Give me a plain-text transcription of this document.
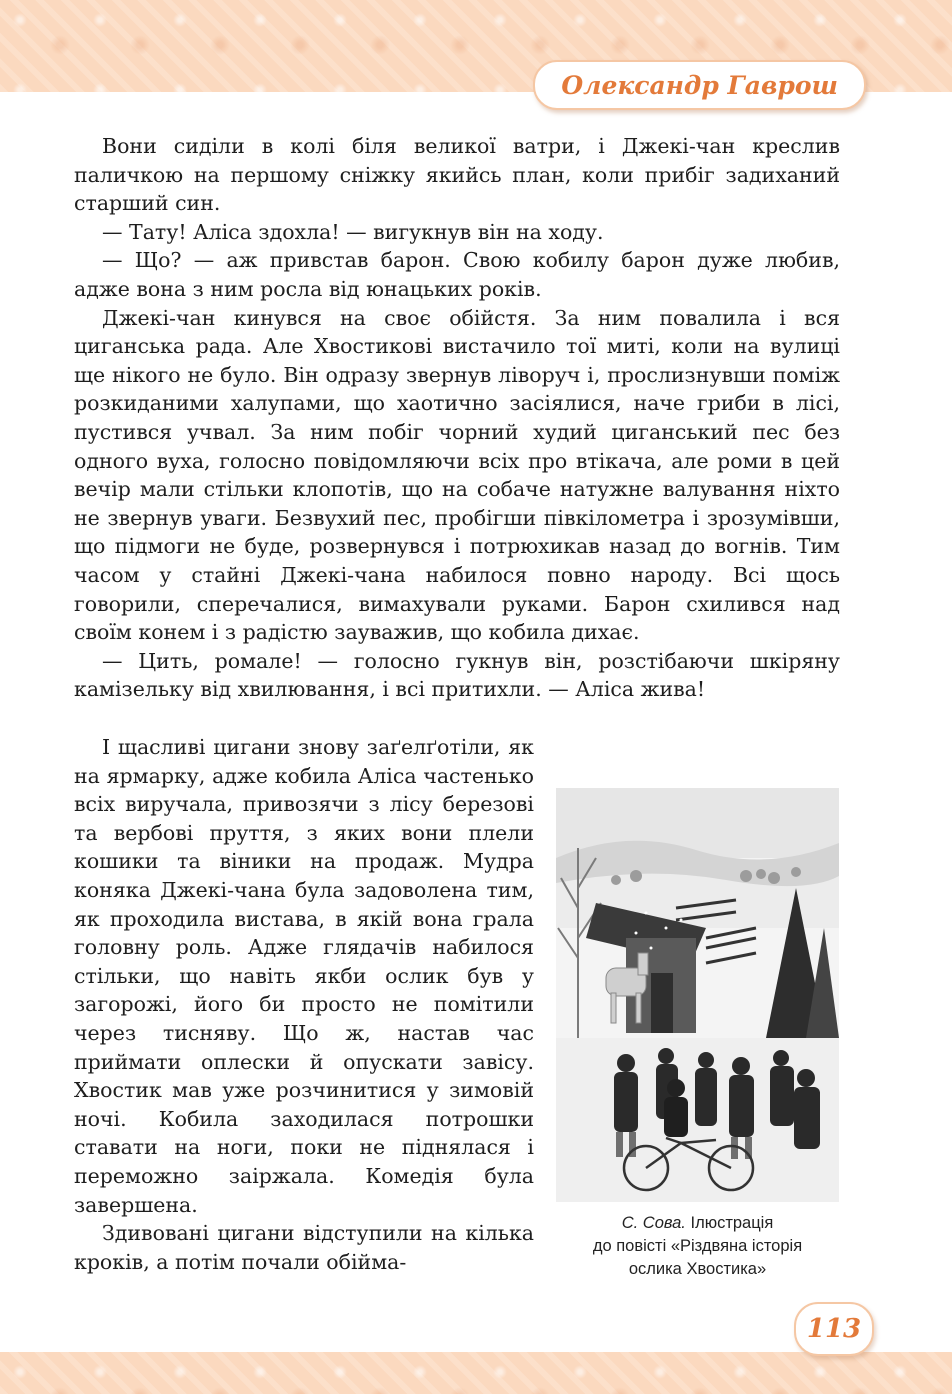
Олександр Гаврош

Вони сиділи в колі біля великої ватри, і Джекі-чан креслив паличкою на першому сніжку якийсь план, коли прибіг задиханий старший син.

— Тату! Аліса здохла! — вигукнув він на ходу.

— Що? — аж привстав барон. Свою кобилу барон дуже любив, адже вона з ним росла від юнацьких років.

Джекі-чан кинувся на своє обійстя. За ним повалила і вся циганська рада. Але Хвостикові вистачило тої миті, коли на вулиці ще нікого не було. Він одразу звернув ліворуч і, прослизнувши поміж розкиданими халупами, що хаотично засіялися, наче гриби в лісі, пустився учвал. За ним побіг чорний худий циганський пес без одного вуха, голосно повідомляючи всіх про втікача, але роми в цей вечір мали стільки клопотів, що на собаче натужне валування ніхто не звернув уваги. Безвухий пес, пробігши півкілометра і зрозумівши, що підмоги не буде, розвернувся і потрюхикав назад до вогнів. Тим часом у стайні Джекі-чана набилося повно народу. Всі щось говорили, сперечалися, вимахували руками. Барон схилився над своїм конем і з радістю зауважив, що кобила дихає.

— Цить, ромале! — голосно гукнув він, розстібаючи шкіряну камізельку від хвилювання, і всі притихли. — Аліса жива!

І щасливі цигани знову заґелґотіли, як на ярмарку, адже кобила Аліса частенько всіх виручала, привозячи з лісу березові та вербові пруття, з яких вони плели кошики та віники на продаж. Мудра коняка Джекі-чана була задоволена тим, як проходила вистава, в якій вона грала головну роль. Адже глядачів набилося стільки, що навіть якби ослик був у загорожі, його би просто не помітили через тисняву. Що ж, настав час приймати оплески й опускати завісу. Хвостик мав уже розчинитися у зимовій ночі. Кобила заходилася потрошки ставати на ноги, поки не піднялася і переможно заіржала. Комедія була завершена.

Здивовані цигани відступили на кілька кроків, а потім почали обійма-

С. Сова. Ілюстрація
до повісті «Різдвяна історія
ослика Хвостика»
113
